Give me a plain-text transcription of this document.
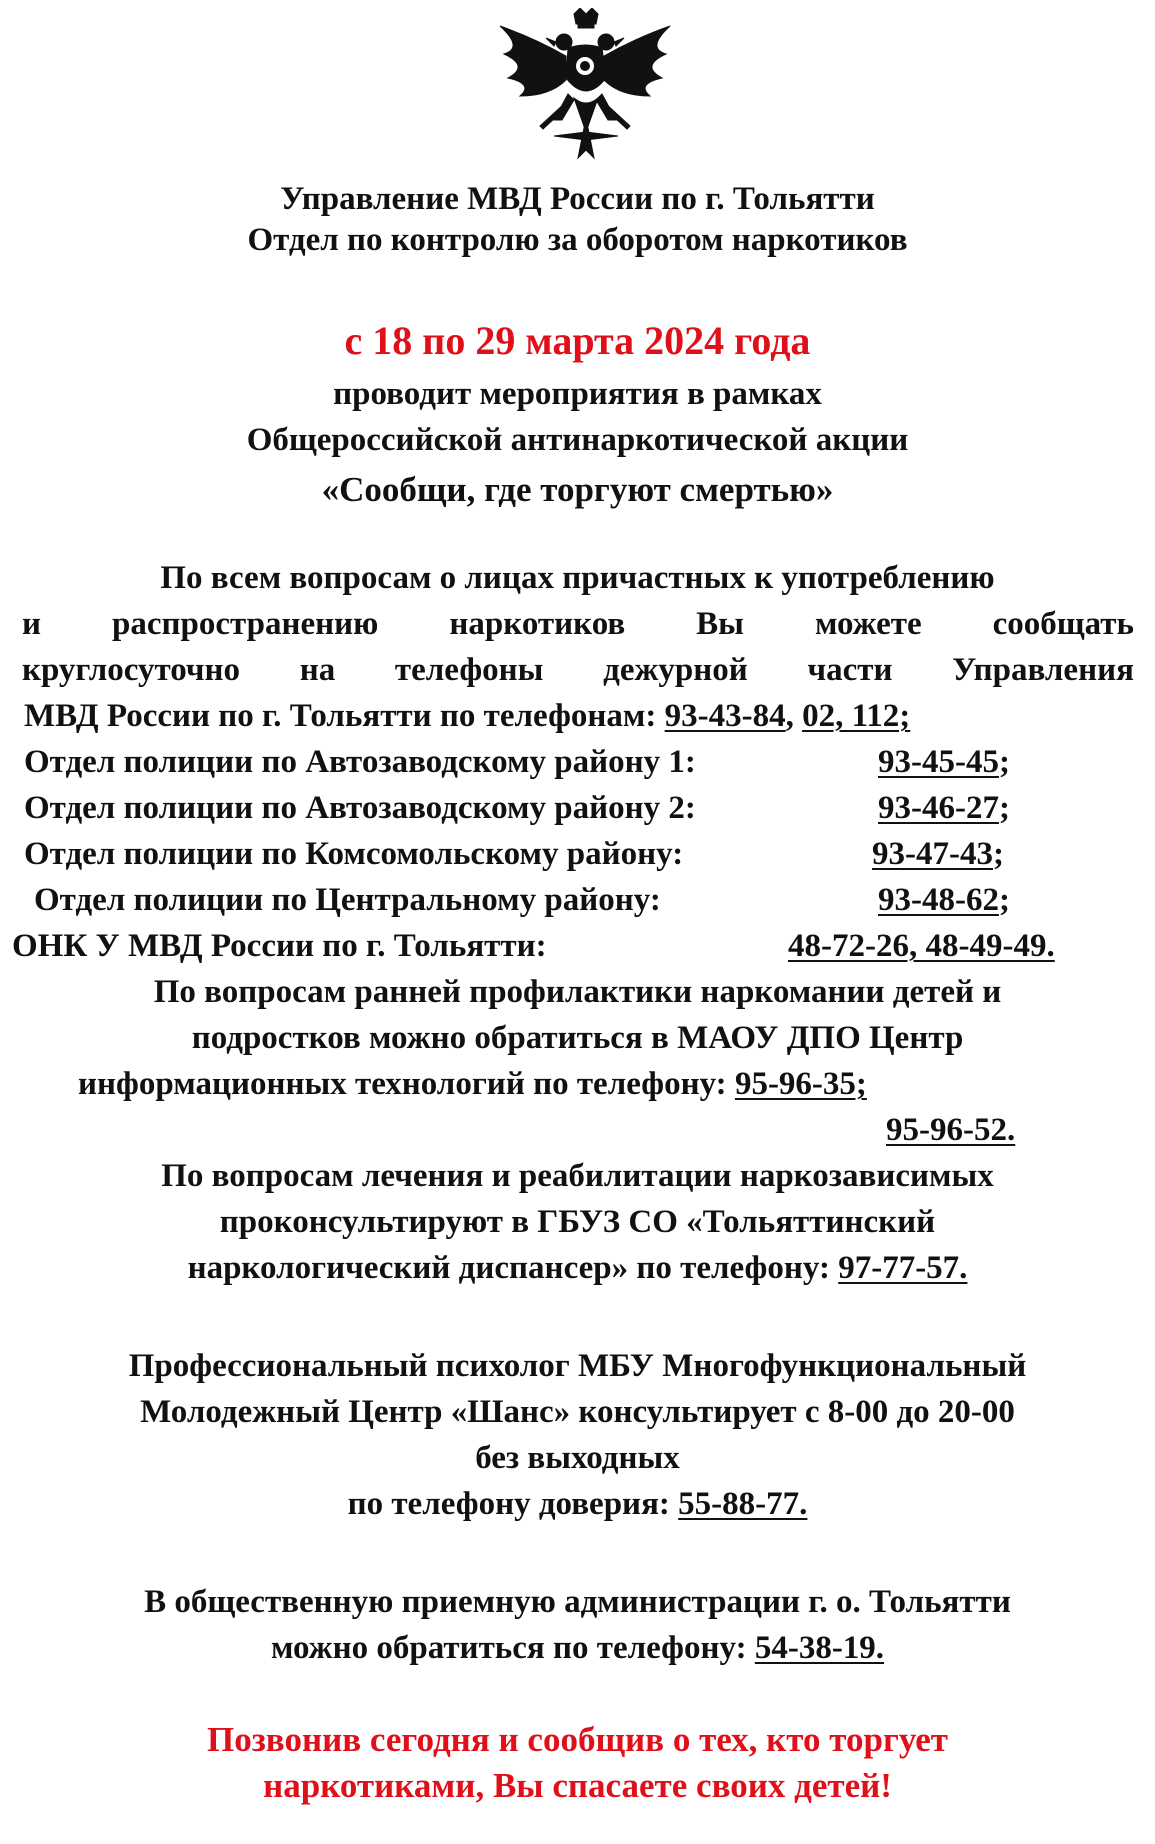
Управление МВД России по г. Тольятти
Отдел по контролю за оборотом наркотиков
с 18 по 29 марта 2024 года
проводит мероприятия в рамках
Общероссийской антинаркотической акции
«Сообщи, где торгуют смертью»
По всем вопросам о лицах причастных к употреблению
и распространению наркотиков Вы можете сообщать
круглосуточно на телефоны дежурной части Управления
МВД России по г. Тольятти по телефонам: 93-43-84, 02, 112;
Отдел полиции по Автозаводскому району 1:	93-45-45;
Отдел полиции по Автозаводскому району 2:	93-46-27;
Отдел полиции по Комсомольскому району:	93-47-43;
Отдел полиции по Центральному району:	93-48-62;
ОНК У МВД России по г. Тольятти:	48-72-26, 48-49-49.
По вопросам ранней профилактики наркомании детей и
подростков можно обратиться в МАОУ ДПО Центр
информационных технологий по телефону: 95-96-35;
95-96-52.
По вопросам лечения и реабилитации наркозависимых
проконсультируют в ГБУЗ СО «Тольяттинский
наркологический диспансер» по телефону: 97-77-57.
Профессиональный психолог МБУ Многофункциональный
Молодежный Центр «Шанс» консультирует с 8-00 до 20-00
без выходных
по телефону доверия: 55-88-77.
В общественную приемную администрации г. о. Тольятти
можно обратиться по телефону: 54-38-19.
Позвонив сегодня и сообщив о тех, кто торгует
наркотиками, Вы спасаете своих детей!
